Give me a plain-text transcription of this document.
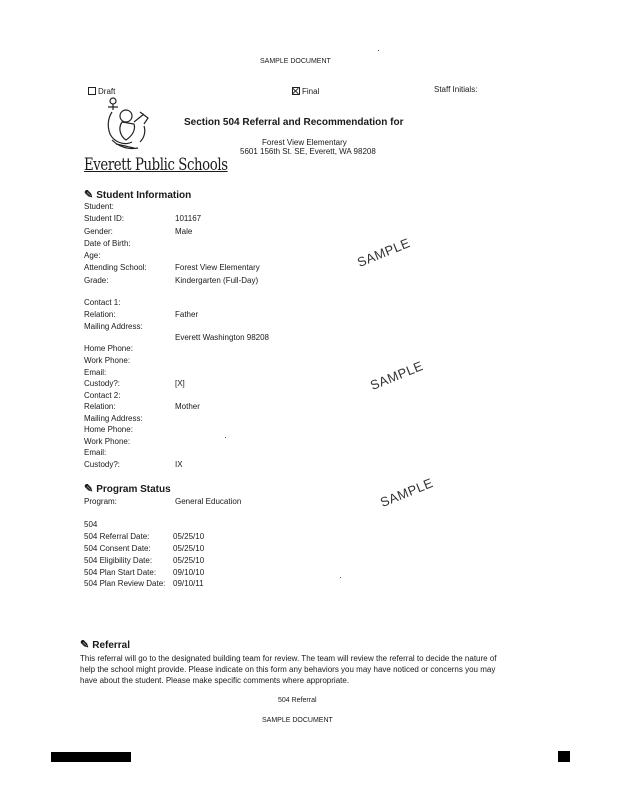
SAMPLE DOCUMENT
Draft	Final	Staff Initials:
Everett Public Schools
Section 504 Referral and Recommendation for
Forest View Elementary
5601 156th St. SE, Everett, WA 98208
✎ Student Information
Student:
Student ID:	101167
Gender:	Male
Date of Birth:
Age:
Attending School:	Forest View Elementary
Grade:	Kindergarten (Full-Day)
Contact 1:
Relation:	Father
Mailing Address:
Everett Washington 98208
Home Phone:
Work Phone:
Email:
Custody?:	[X]
Contact 2:
Relation:	Mother
Mailing Address:
Home Phone:
Work Phone:
Email:
Custody?:	IX
✎ Program Status
Program:	General Education
504
504 Referral Date:	05/25/10
504 Consent Date:	05/25/10
504 Eligibility Date:	05/25/10
504 Plan Start Date: 09/10/10
504 Plan Review Date: 09/10/11
SAMPLE
SAMPLE
SAMPLE
✎ Referral
This referral will go to the designated building team for review. The team will review the referral to decide the nature of help the school might provide. Please indicate on this form any behaviors you may have noticed or concerns you may have about the student. Please make specific comments where appropriate.
504 Referral
SAMPLE DOCUMENT
